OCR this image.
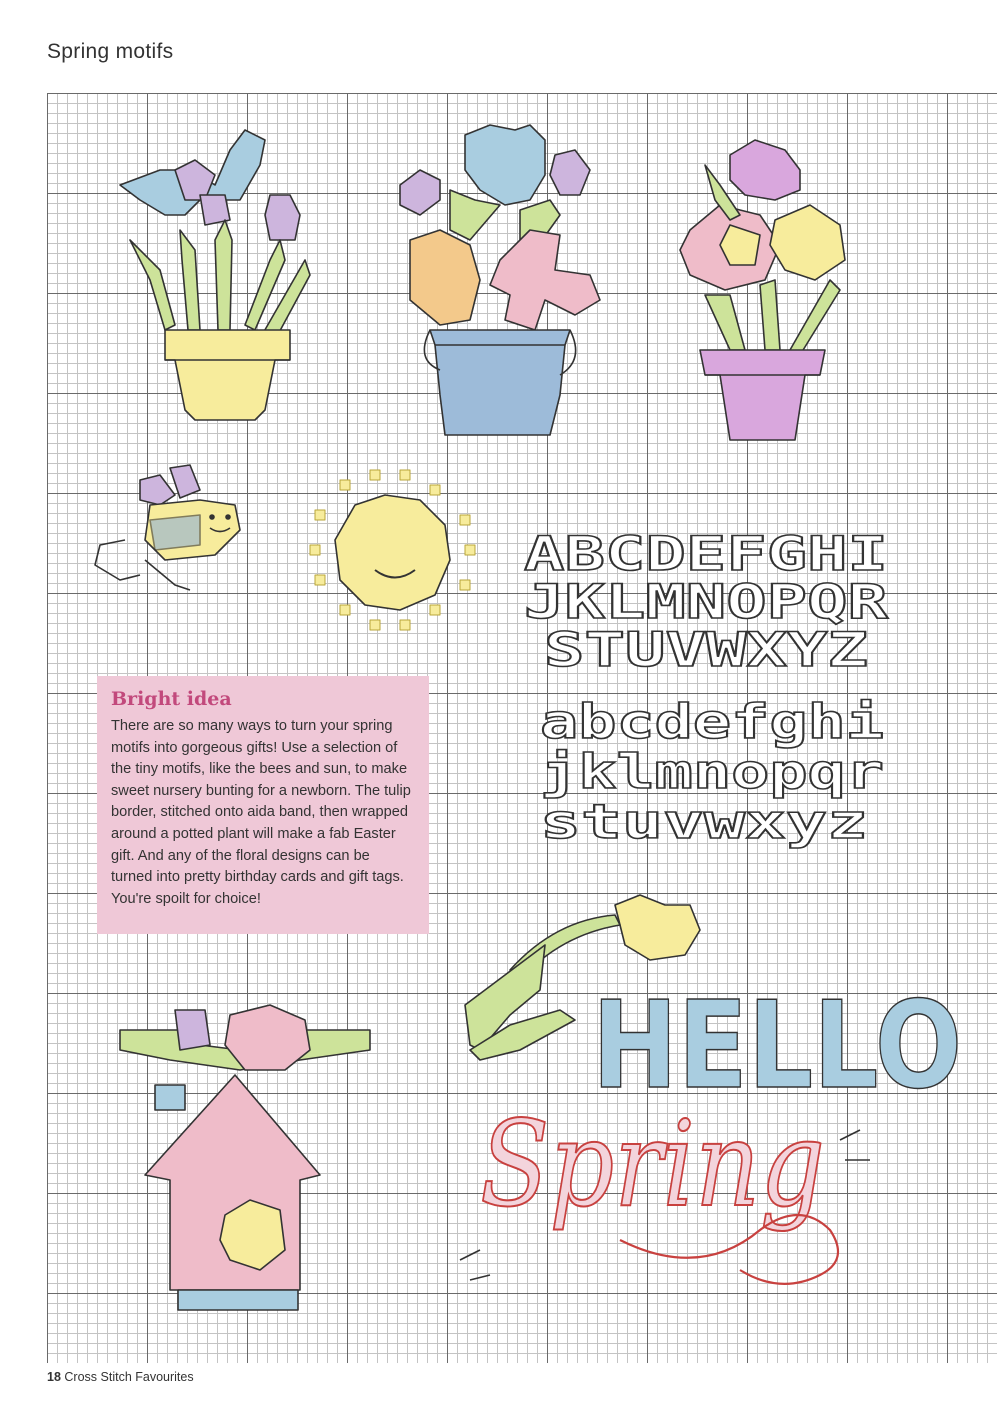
Spring motifs
ABCDEFGHI
JKLMNOPQR
STUVWXYZ
abcdefghi
jklmnopqr
stuvwxyz
HELLO
Spring
Bright idea

There are so many ways to turn your spring motifs into gorgeous gifts! Use a selection of the tiny motifs, like the bees and sun, to make sweet nursery bunting for a newborn. The tulip border, stitched onto aida band, then wrapped around a potted plant will make a fab Easter gift. And any of the floral designs can be turned into pretty birthday cards and gift tags. You're spoilt for choice!

18 Cross Stitch Favourites
